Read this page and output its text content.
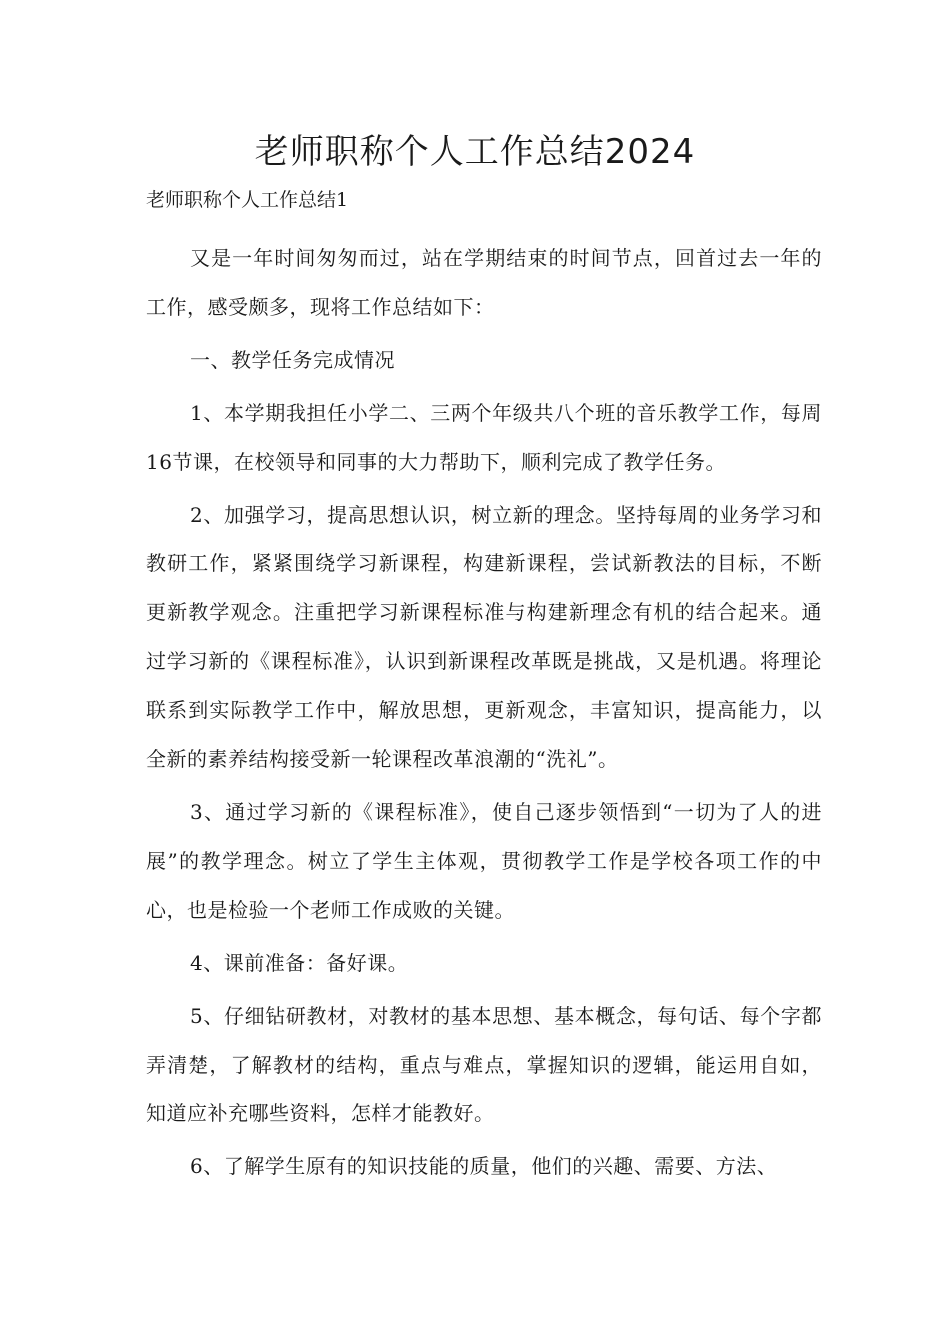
老师职称个人工作总结2024

老师职称个人工作总结1

又是一年时间匆匆而过，站在学期结束的时间节点，回首过去一年的工作，感受颇多，现将工作总结如下：

一、教学任务完成情况

1、本学期我担任小学二、三两个年级共八个班的音乐教学工作，每周16节课，在校领导和同事的大力帮助下，顺利完成了教学任务。

2、加强学习，提高思想认识，树立新的理念。坚持每周的业务学习和教研工作，紧紧围绕学习新课程，构建新课程，尝试新教法的目标，不断更新教学观念。注重把学习新课程标准与构建新理念有机的结合起来。通过学习新的《课程标准》，认识到新课程改革既是挑战，又是机遇。将理论联系到实际教学工作中，解放思想，更新观念，丰富知识，提高能力，以全新的素养结构接受新一轮课程改革浪潮的“洗礼”。

3、通过学习新的《课程标准》，使自己逐步领悟到“一切为了人的进展”的教学理念。树立了学生主体观，贯彻教学工作是学校各项工作的中心，也是检验一个老师工作成败的关键。

4、课前准备：备好课。

5、仔细钻研教材，对教材的基本思想、基本概念，每句话、每个字都弄清楚，了解教材的结构，重点与难点，掌握知识的逻辑，能运用自如，知道应补充哪些资料，怎样才能教好。

6、了解学生原有的知识技能的质量，他们的兴趣、需要、方法、
